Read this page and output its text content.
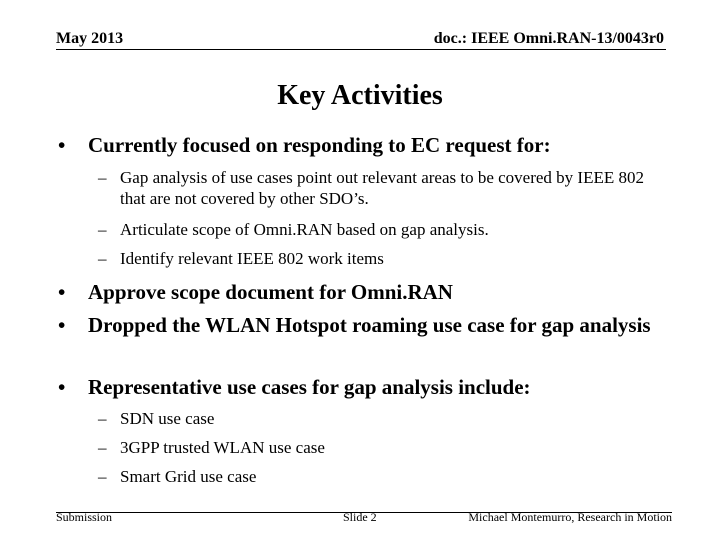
May 2013	doc.: IEEE Omni.RAN-13/0043r0
Key Activities
• Currently focused on responding to EC request for:
– Gap analysis of use cases point out relevant areas to be covered by IEEE 802 that are not covered by other SDO’s.
– Articulate scope of Omni.RAN based on gap analysis.
– Identify relevant IEEE 802 work items
• Approve scope document for Omni.RAN
• Dropped the WLAN Hotspot roaming use case for gap analysis
• Representative use cases for gap analysis include:
– SDN use case
– 3GPP trusted WLAN use case
– Smart Grid use case
Submission	Slide 2	Michael Montemurro, Research in Motion
